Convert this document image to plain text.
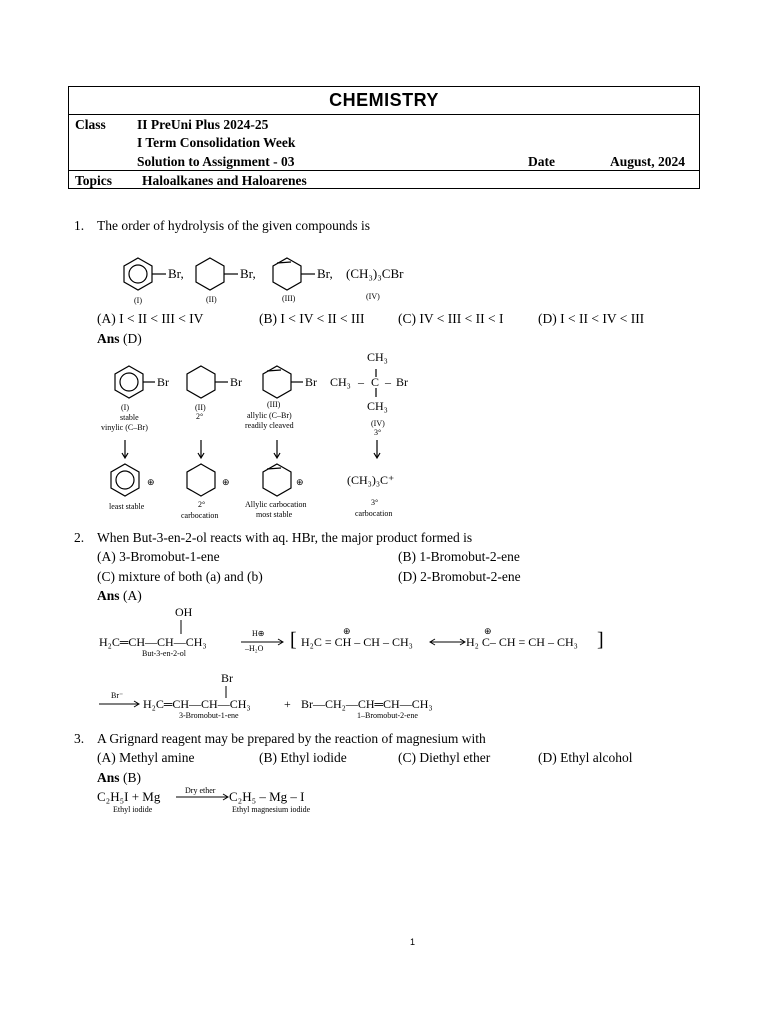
CHEMISTRY
Class II PreUni Plus 2024-25
I Term Consolidation Week
Solution to Assignment - 03	Date	August, 2024
Topics Haloalkanes and Haloarenes
1. The order of hydrolysis of the given compounds is
Br,	Br,	Br, (CH₃)₃CBr
(I)	(II)	(III)	(IV)
(A) I < II < III < IV	(B) I < IV < II < III (C) IV < III < II < I	(D) I < II < IV < III
Ans (D)
Br	Br	Br
CH₃
CH₃ – C – Br
CH₃
(CH₃)₃C⁺
(I)
stable
vinylic (C–Br)
(II)
2°
(III)
allylic (C–Br)
readily cleaved	(IV)
3°
⊕	⊕	⊕
least stable	2°
carbocation
Allylic carbocation
most stable
3°
carbocation
2. When But-3-en-2-ol reacts with aq. HBr, the major product formed is
(A) 3-Bromobut-1-ene	(B) 1-Bromobut-2-ene
(C) mixture of both (a) and (b)	(D) 2-Bromobut-2-ene
Ans (A)
OH
H₂C═CH—CH—CH₃	[ H₂C = CH – CH – CH₃	H₂ C– CH = CH – CH₃ ]
Br
H₂C═CH—CH—CH₃	+ Br—CH₂—CH═CH—CH₃
But-3-en-2-ol
H⊕
–H₂O
⊕	⊕
Br⁻
3-Bromobut-1-ene	1–Bromobut-2-ene
3. A Grignard reagent may be prepared by the reaction of magnesium with
(A) Methyl amine	(B) Ethyl iodide	(C) Diethyl ether	(D) Ethyl alcohol
Ans (B)
C₂H₅I + Mg	Dry ether C₂H₅ – Mg – I
Ethyl iodide	Ethyl magnesium iodide
1
